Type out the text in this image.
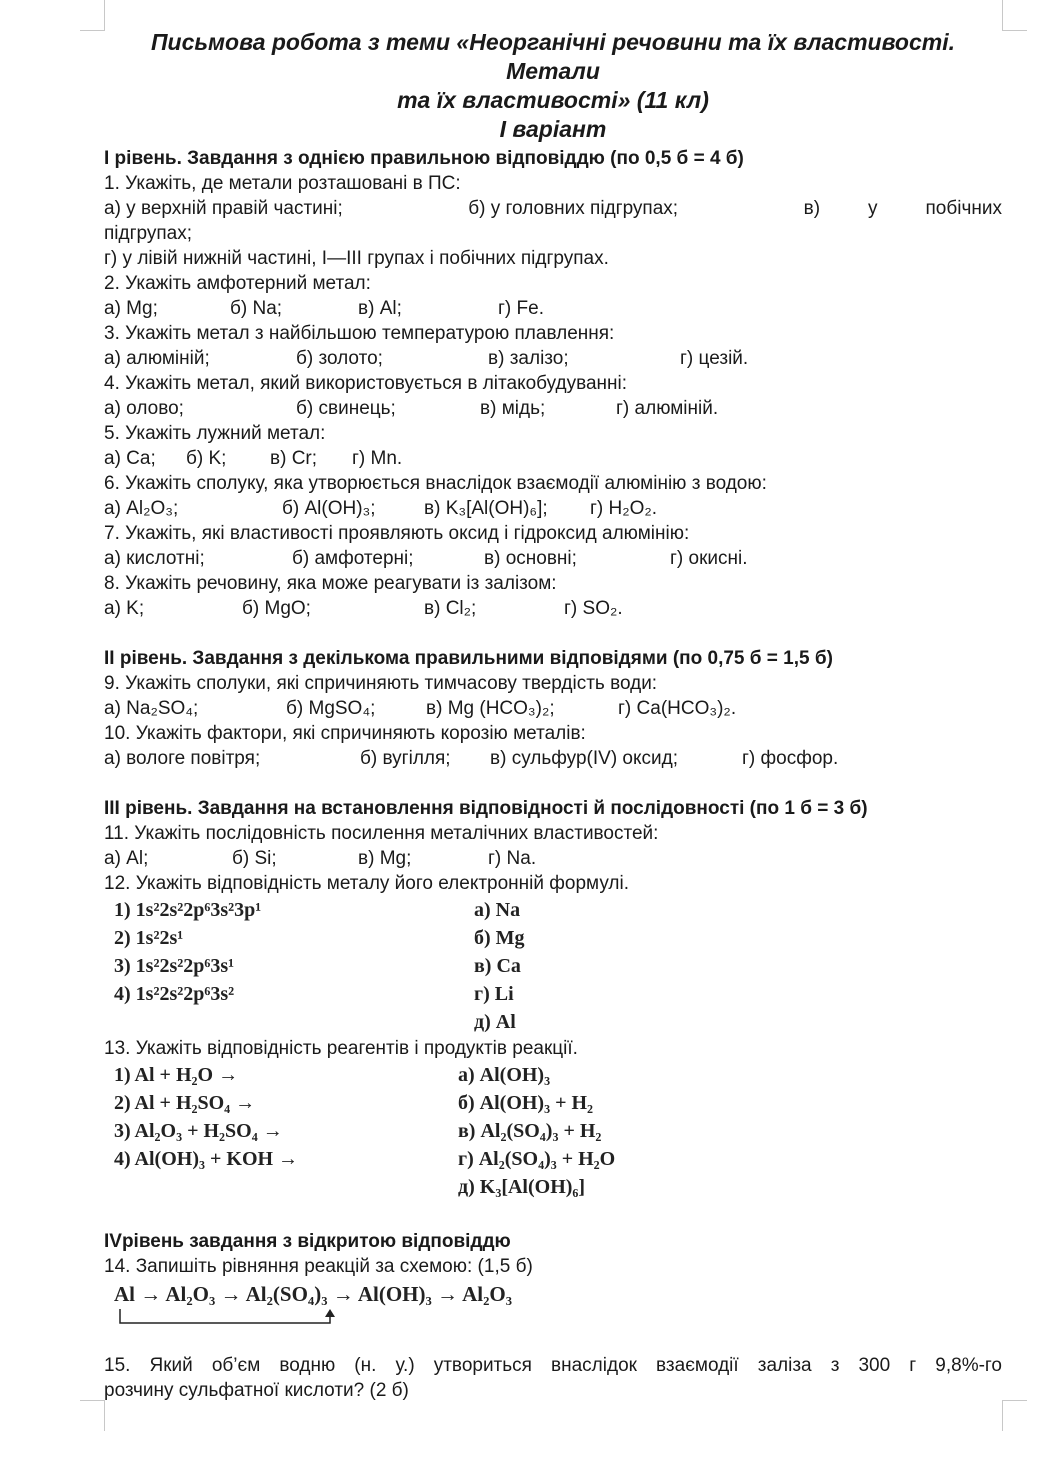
Письмова робота з теми «Неорганічні речовини та їх властивості. Метали
та їх властивості» (11 кл)
І варіант
І рівень. Завдання з однією правильною відповіддю (по 0,5 б = 4 б)
1. Укажіть, де метали розташовані в ПС:
а) у верхній правій частині;	б) у головних підгрупах;	в)	у	побічних
підгрупах;
г) у лівій нижній частині, І—ІІІ групах і побічних підгрупах.
2. Укажіть амфотерний метал:
а) Mg;	б) Na;	в) Al;	г) Fe.
3. Укажіть метал з найбільшою температурою плавлення:
а) алюміній;	б) золото;	в) залізо;	г) цезій.
4. Укажіть метал, який використовується в літакобудуванні:
а) олово;	б) свинець;	в) мідь;	г) алюміній.
5. Укажіть лужний метал:
а) Ca;	б) K;	в) Cr;	г) Mn.
6. Укажіть сполуку, яка утворюється внаслідок взаємодії алюмінію з водою:
а) Al₂O₃;	б) Al(OH)₃;	в) K₃[Al(OH)₆];	г) H₂O₂.
7. Укажіть, які властивості проявляють оксид і гідроксид алюмінію:
а) кислотні;	б) амфотерні;	в) основні;	г) окисні.
8. Укажіть речовину, яка може реагувати із залізом:
а) K;	б) MgO;	в) Cl₂;	г) SO₂.
ІІ рівень. Завдання з декількома правильними відповідями (по 0,75 б = 1,5 б)
9. Укажіть сполуки, які спричиняють тимчасову твердість води:
а) Na₂SO₄;	б) MgSO₄;	в) Mg (HCO₃)₂;	г) Ca(HCO₃)₂.
10. Укажіть фактори, які спричиняють корозію металів:
а) вологе повітря;	б) вугілля;	в) сульфур(IV) оксид;	г) фосфор.
ІІІ рівень. Завдання на встановлення відповідності й послідовності (по 1 б = 3 б)
11. Укажіть послідовність посилення металічних властивостей:
а) Al;	б) Si;	в) Mg;	г) Na.
12. Укажіть відповідність металу його електронній формулі.
1) 1s²2s²2p⁶3s²3p¹	а) Na
2) 1s²2s¹	б) Mg
3) 1s²2s²2p⁶3s¹	в) Ca
4) 1s²2s²2p⁶3s²	г) Li
д) Al
13. Укажіть відповідність реагентів і продуктів реакції.
1) Al + H₂O →	а) Al(OH)₃
2) Al + H₂SO₄ →	б) Al(OH)₃ + H₂
3) Al₂O₃ + H₂SO₄ →	в) Al₂(SO₄)₃ + H₂
4) Al(OH)₃ + KOH →	г) Al₂(SO₄)₃ + H₂O
д) K₃[Al(OH)₆]
IVрівень завдання з відкритою відповіддю
14. Запишіть рівняння реакцій за схемою: (1,5 б)
Al → Al₂O₃ → Al₂(SO₄)₃ → Al(OH)₃ → Al₂O₃
15. Який об’єм водню (н. у.) утвориться внаслідок взаємодії заліза з 300 г 9,8%-го
розчину сульфатної кислоти? (2 б)
